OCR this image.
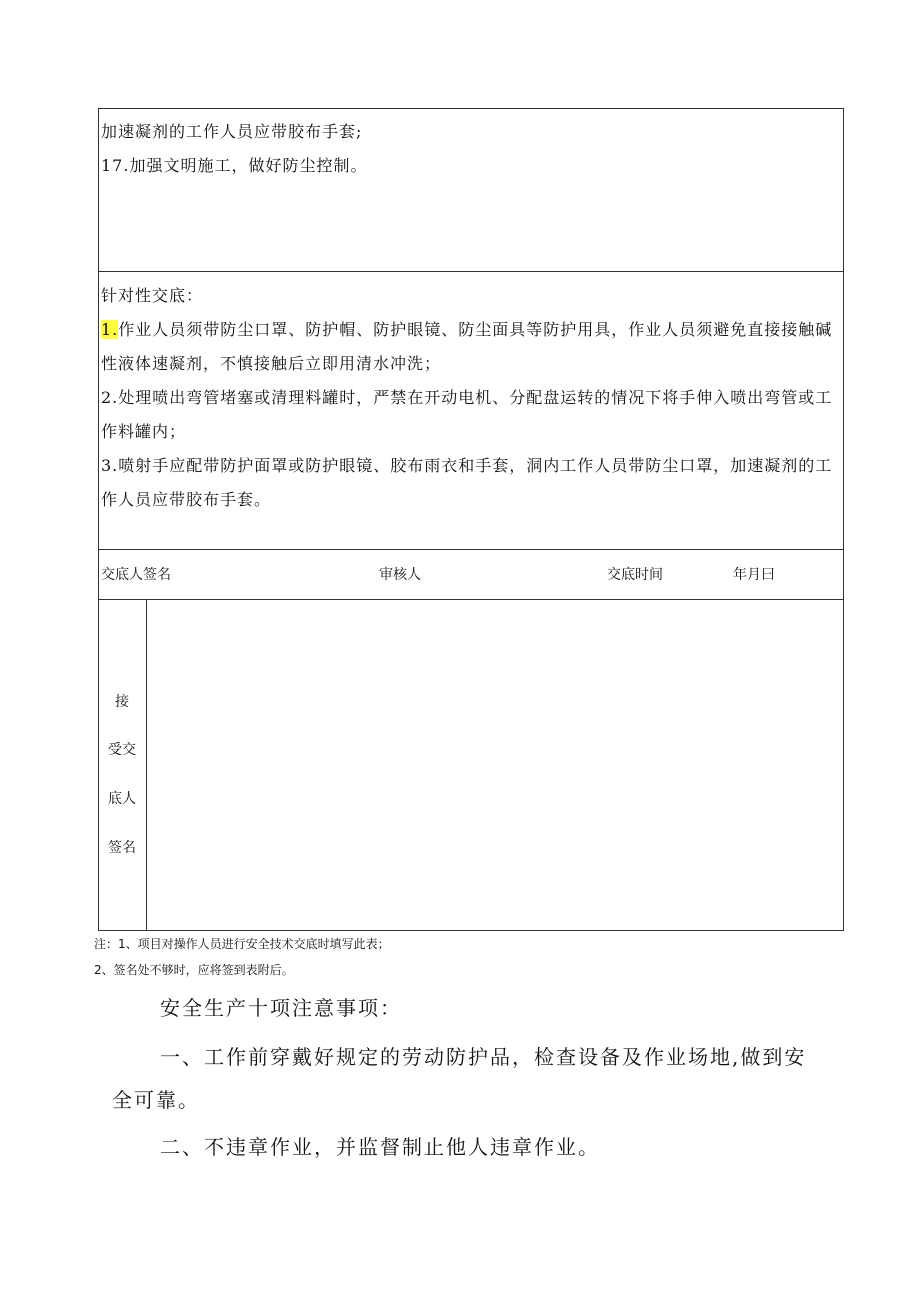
加速凝剂的工作人员应带胶布手套;
17.加强文明施工，做好防尘控制。
针对性交底：
1.作业人员须带防尘口罩、防护帽、防护眼镜、防尘面具等防护用具，作业人员须避免直接接触碱性液体速凝剂，不慎接触后立即用清水冲洗；
2.处理喷出弯管堵塞或清理料罐时，严禁在开动电机、分配盘运转的情况下将手伸入喷出弯管或工作料罐内；
3.喷射手应配带防护面罩或防护眼镜、胶布雨衣和手套，洞内工作人员带防尘口罩，加速凝剂的工作人员应带胶布手套。
交底人签名	审核人	交底时间	年月曰
接
受交
底人
签名
注：1、项目对操作人员进行安全技术交底时填写此表；
2、签名处不够时，应将签到表附后。
安全生产十项注意事项：
一、工作前穿戴好规定的劳动防护品，检查设备及作业场地,做到安
全可靠。
二、不违章作业，并监督制止他人违章作业。
